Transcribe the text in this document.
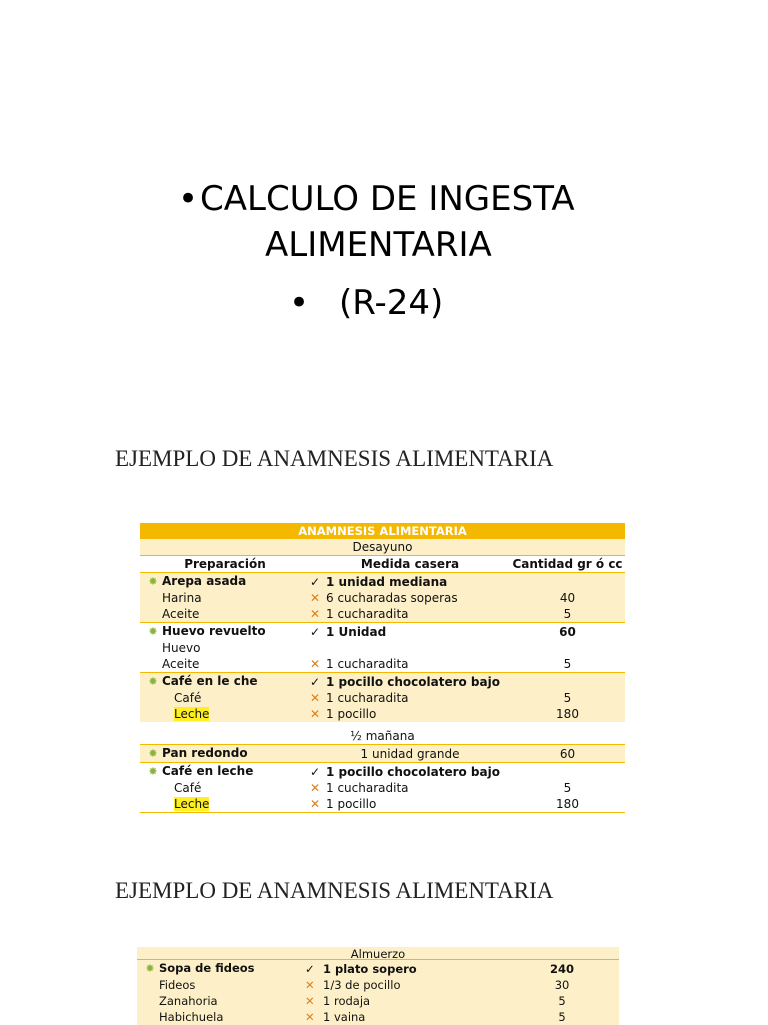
•CALCULO DE INGESTA
ALIMENTARIA
• (R-24)
EJEMPLO DE ANAMNESIS ALIMENTARIA
ANAMNESIS ALIMENTARIA		
Desayuno		
Preparación	Medida casera	Cantidad gr ó cc
✸ Arepa asada	✓ 1 unidad mediana	
Harina	✕ 6 cucharadas soperas	40
Aceite	✕ 1 cucharadita	5
✸ Huevo revuelto	✓ 1 Unidad	60
Huevo		
Aceite	✕ 1 cucharadita	5
✸ Café en le che	✓ 1 pocillo chocolatero bajo	
Café	✕ 1 cucharadita	5
Leche	✕ 1 pocillo	180

½ mañana		
✸ Pan redondo	1 unidad grande	60
✸ Café en leche	✓ 1 pocillo chocolatero bajo	
Café	✕ 1 cucharadita	5
Leche	✕ 1 pocillo	180
EJEMPLO DE ANAMNESIS ALIMENTARIA
Almuerzo		
✸ Sopa de fideos	✓ 1 plato sopero	240
Fideos	✕ 1/3 de pocillo	30
Zanahoria	✕ 1 rodaja	5
Habichuela	✕ 1 vaina	5
